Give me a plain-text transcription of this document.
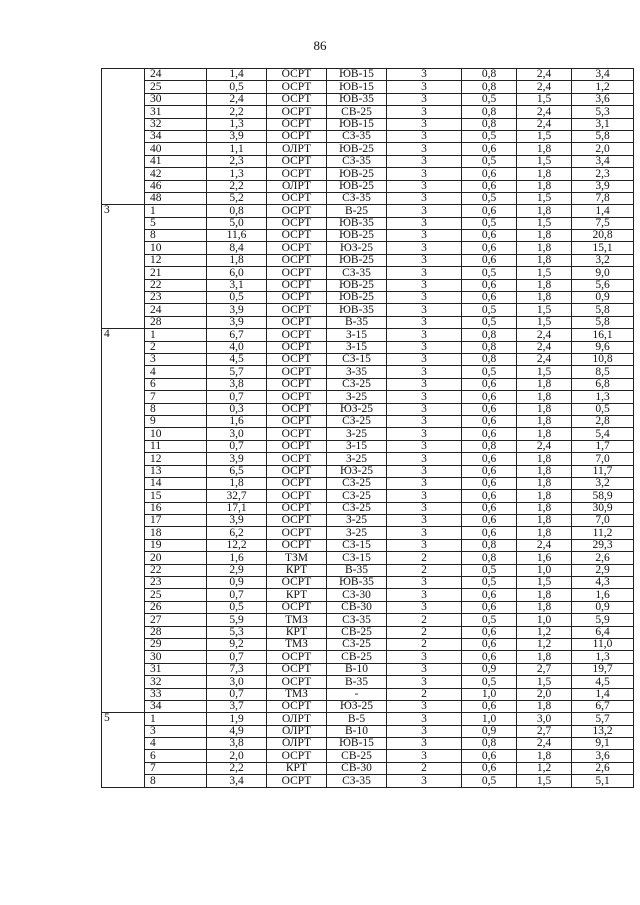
86
	24	1,4	ОСРТ	ЮВ-15	3	0,8	2,4	3,4
	25	0,5	ОСРТ	ЮВ-15	3	0,8	2,4	1,2
	30	2,4	ОСРТ	ЮВ-35	3	0,5	1,5	3,6
	31	2,2	ОСРТ	СВ-25	3	0,8	2,4	5,3
	32	1,3	ОСРТ	ЮВ-15	3	0,8	2,4	3,1
	34	3,9	ОСРТ	СЗ-35	3	0,5	1,5	5,8
	40	1,1	ОЛРТ	ЮВ-25	3	0,6	1,8	2,0
	41	2,3	ОСРТ	СЗ-35	3	0,5	1,5	3,4
	42	1,3	ОСРТ	ЮВ-25	3	0,6	1,8	2,3
	46	2,2	ОЛРТ	ЮВ-25	3	0,6	1,8	3,9
	48	5,2	ОСРТ	СЗ-35	3	0,5	1,5	7,8
3	1	0,8	ОСРТ	В-25	3	0,6	1,8	1,4
	5	5,0	ОСРТ	ЮВ-35	3	0,5	1,5	7,5
	8	11,6	ОСРТ	ЮВ-25	3	0,6	1,8	20,8
	10	8,4	ОСРТ	ЮЗ-25	3	0,6	1,8	15,1
	12	1,8	ОСРТ	ЮВ-25	3	0,6	1,8	3,2
	21	6,0	ОСРТ	СЗ-35	3	0,5	1,5	9,0
	22	3,1	ОСРТ	ЮВ-25	3	0,6	1,8	5,6
	23	0,5	ОСРТ	ЮВ-25	3	0,6	1,8	0,9
	24	3,9	ОСРТ	ЮВ-35	3	0,5	1,5	5,8
	28	3,9	ОСРТ	В-35	3	0,5	1,5	5,8
4	1	6,7	ОСРТ	З-15	3	0,8	2,4	16,1
	2	4,0	ОСРТ	З-15	3	0,8	2,4	9,6
	3	4,5	ОСРТ	СЗ-15	3	0,8	2,4	10,8
	4	5,7	ОСРТ	З-35	3	0,5	1,5	8,5
	6	3,8	ОСРТ	СЗ-25	3	0,6	1,8	6,8
	7	0,7	ОСРТ	З-25	3	0,6	1,8	1,3
	8	0,3	ОСРТ	ЮЗ-25	3	0,6	1,8	0,5
	9	1,6	ОСРТ	СЗ-25	3	0,6	1,8	2,8
	10	3,0	ОСРТ	З-25	3	0,6	1,8	5,4
	11	0,7	ОСРТ	З-15	3	0,8	2,4	1,7
	12	3,9	ОСРТ	З-25	3	0,6	1,8	7,0
	13	6,5	ОСРТ	ЮЗ-25	3	0,6	1,8	11,7
	14	1,8	ОСРТ	СЗ-25	3	0,6	1,8	3,2
	15	32,7	ОСРТ	СЗ-25	3	0,6	1,8	58,9
	16	17,1	ОСРТ	СЗ-25	3	0,6	1,8	30,9
	17	3,9	ОСРТ	З-25	3	0,6	1,8	7,0
	18	6,2	ОСРТ	З-25	3	0,6	1,8	11,2
	19	12,2	ОСРТ	СЗ-15	3	0,8	2,4	29,3
	20	1,6	ТЗМ	СЗ-15	2	0,8	1,6	2,6
	22	2,9	КРТ	В-35	2	0,5	1,0	2,9
	23	0,9	ОСРТ	ЮВ-35	3	0,5	1,5	4,3
	25	0,7	КРТ	СЗ-30	3	0,6	1,8	1,6
	26	0,5	ОСРТ	СВ-30	3	0,6	1,8	0,9
	27	5,9	ТМЗ	СЗ-35	2	0,5	1,0	5,9
	28	5,3	КРТ	СВ-25	2	0,6	1,2	6,4
	29	9,2	ТМЗ	СЗ-25	2	0,6	1,2	11,0
	30	0,7	ОСРТ	СВ-25	3	0,6	1,8	1,3
	31	7,3	ОСРТ	В-10	3	0,9	2,7	19,7
	32	3,0	ОСРТ	В-35	3	0,5	1,5	4,5
	33	0,7	ТМЗ	-	2	1,0	2,0	1,4
	34	3,7	ОСРТ	ЮЗ-25	3	0,6	1,8	6,7
5	1	1,9	ОЛРТ	В-5	3	1,0	3,0	5,7
	3	4,9	ОЛРТ	В-10	3	0,9	2,7	13,2
	4	3,8	ОЛРТ	ЮВ-15	3	0,8	2,4	9,1
	6	2,0	ОСРТ	СВ-25	3	0,6	1,8	3,6
	7	2,2	КРТ	СВ-30	2	0,6	1,2	2,6
	8	3,4	ОСРТ	СЗ-35	3	0,5	1,5	5,1
